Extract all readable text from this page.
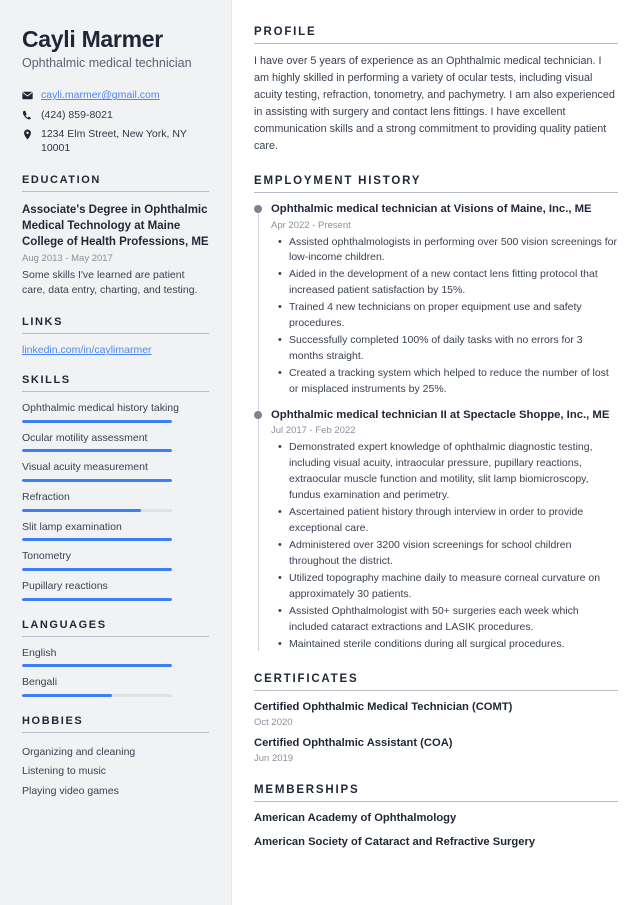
Cayli Marmer
Ophthalmic medical technician
cayli.marmer@gmail.com
(424) 859-8021
1234 Elm Street, New York, NY 10001
EDUCATION

Associate's Degree in Ophthalmic Medical Technology at Maine College of Health Professions, ME

Aug 2013 - May 2017

Some skills I've learned are patient care, data entry, charting, and testing.

LINKS
linkedin.com/in/caylimarmer
SKILLS
Ophthalmic medical history taking
Ocular motility assessment
Visual acuity measurement
Refraction
Slit lamp examination
Tonometry
Pupillary reactions
LANGUAGES
English
Bengali
HOBBIES
Organizing and cleaning
Listening to music
Playing video games
PROFILE

I have over 5 years of experience as an Ophthalmic medical technician. I am highly skilled in performing a variety of ocular tests, including visual acuity testing, refraction, tonometry, and pachymetry. I am also experienced in assisting with surgery and contact lens fittings. I have excellent communication skills and a strong commitment to providing quality patient care.

EMPLOYMENT HISTORY

Ophthalmic medical technician at Visions of Maine, Inc., ME

Apr 2022 - Present

• Assisted ophthalmologists in performing over 500 vision screenings for low-income children.
• Aided in the development of a new contact lens fitting protocol that increased patient satisfaction by 15%.
• Trained 4 new technicians on proper equipment use and safety procedures.
• Successfully completed 100% of daily tasks with no errors for 3 months straight.
• Created a tracking system which helped to reduce the number of lost or misplaced instruments by 25%.

Ophthalmic medical technician II at Spectacle Shoppe, Inc., ME

Jul 2017 - Feb 2022

• Demonstrated expert knowledge of ophthalmic diagnostic testing, including visual acuity, intraocular pressure, pupillary reactions, extraocular muscle function and motility, slit lamp biomicroscopy, fundus examination and perimetry.
• Ascertained patient history through interview in order to provide exceptional care.
• Administered over 3200 vision screenings for school children throughout the district.
• Utilized topography machine daily to measure corneal curvature on approximately 30 patients.
• Assisted Ophthalmologist with 50+ surgeries each week which included cataract extractions and LASIK procedures.
• Maintained sterile conditions during all surgical procedures.
CERTIFICATES

Certified Ophthalmic Medical Technician (COMT)

Oct 2020

Certified Ophthalmic Assistant (COA)

Jun 2019

MEMBERSHIPS

American Academy of Ophthalmology

American Society of Cataract and Refractive Surgery
